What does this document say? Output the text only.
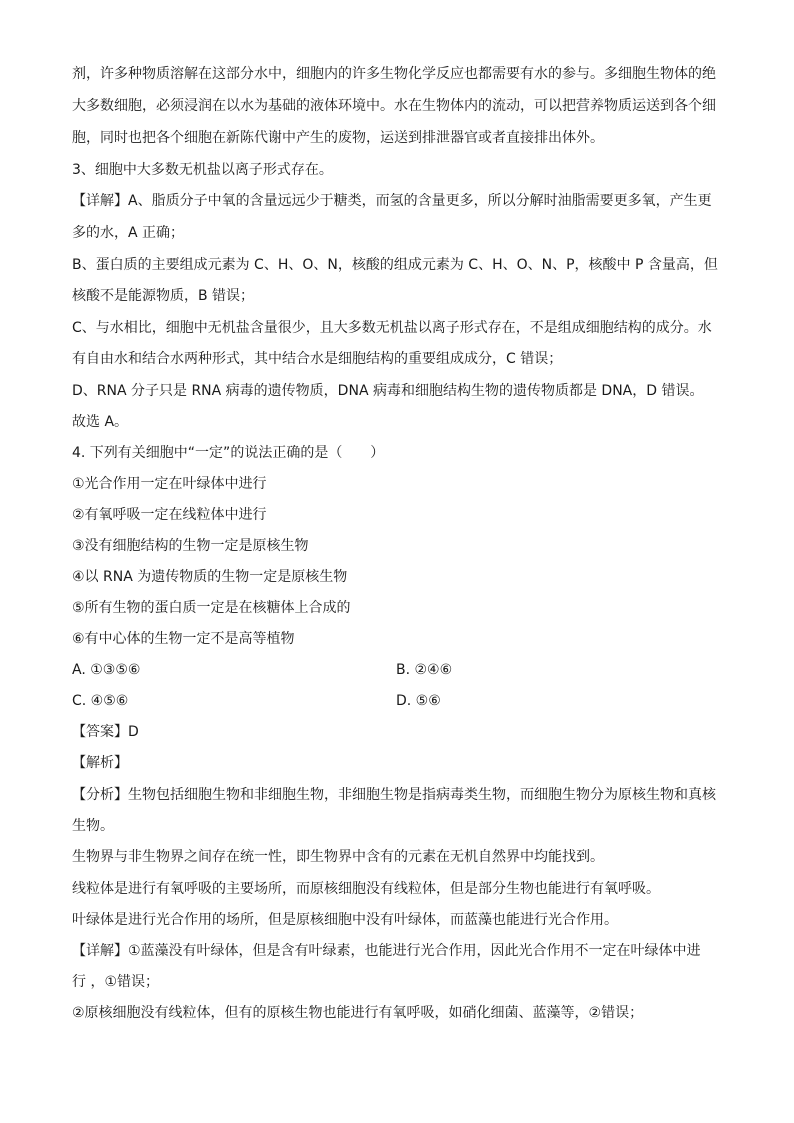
剂，许多种物质溶解在这部分水中，细胞内的许多生物化学反应也都需要有水的参与。多细胞生物体的绝
大多数细胞，必须浸润在以水为基础的液体环境中。水在生物体内的流动，可以把营养物质运送到各个细
胞，同时也把各个细胞在新陈代谢中产生的废物，运送到排泄器官或者直接排出体外。
3、细胞中大多数无机盐以离子形式存在。
【详解】A、脂质分子中氧的含量远远少于糖类，而氢的含量更多，所以分解时油脂需要更多氧，产生更
多的水，A 正确；
B、蛋白质的主要组成元素为 C、H、O、N，核酸的组成元素为 C、H、O、N、P，核酸中 P 含量高，但
核酸不是能源物质，B 错误；
C、与水相比，细胞中无机盐含量很少，且大多数无机盐以离子形式存在，不是组成细胞结构的成分。水
有自由水和结合水两种形式，其中结合水是细胞结构的重要组成成分，C 错误；
D、RNA 分子只是 RNA 病毒的遗传物质，DNA 病毒和细胞结构生物的遗传物质都是 DNA，D 错误。
故选 A。
4. 下列有关细胞中“一定”的说法正确的是（　　）
①光合作用一定在叶绿体中进行
②有氧呼吸一定在线粒体中进行
③没有细胞结构的生物一定是原核生物
④以 RNA 为遗传物质的生物一定是原核生物
⑤所有生物的蛋白质一定是在核糖体上合成的
⑥有中心体的生物一定不是高等植物
A. ①③⑤⑥	B. ②④⑥
C. ④⑤⑥	D. ⑤⑥
【答案】D
【解析】
【分析】生物包括细胞生物和非细胞生物，非细胞生物是指病毒类生物，而细胞生物分为原核生物和真核
生物。
生物界与非生物界之间存在统一性，即生物界中含有的元素在无机自然界中均能找到。
线粒体是进行有氧呼吸的主要场所，而原核细胞没有线粒体，但是部分生物也能进行有氧呼吸。
叶绿体是进行光合作用的场所，但是原核细胞中没有叶绿体，而蓝藻也能进行光合作用。
【详解】①蓝藻没有叶绿体，但是含有叶绿素，也能进行光合作用，因此光合作用不一定在叶绿体中进
行 ，①错误；
②原核细胞没有线粒体，但有的原核生物也能进行有氧呼吸，如硝化细菌、蓝藻等，②错误；
